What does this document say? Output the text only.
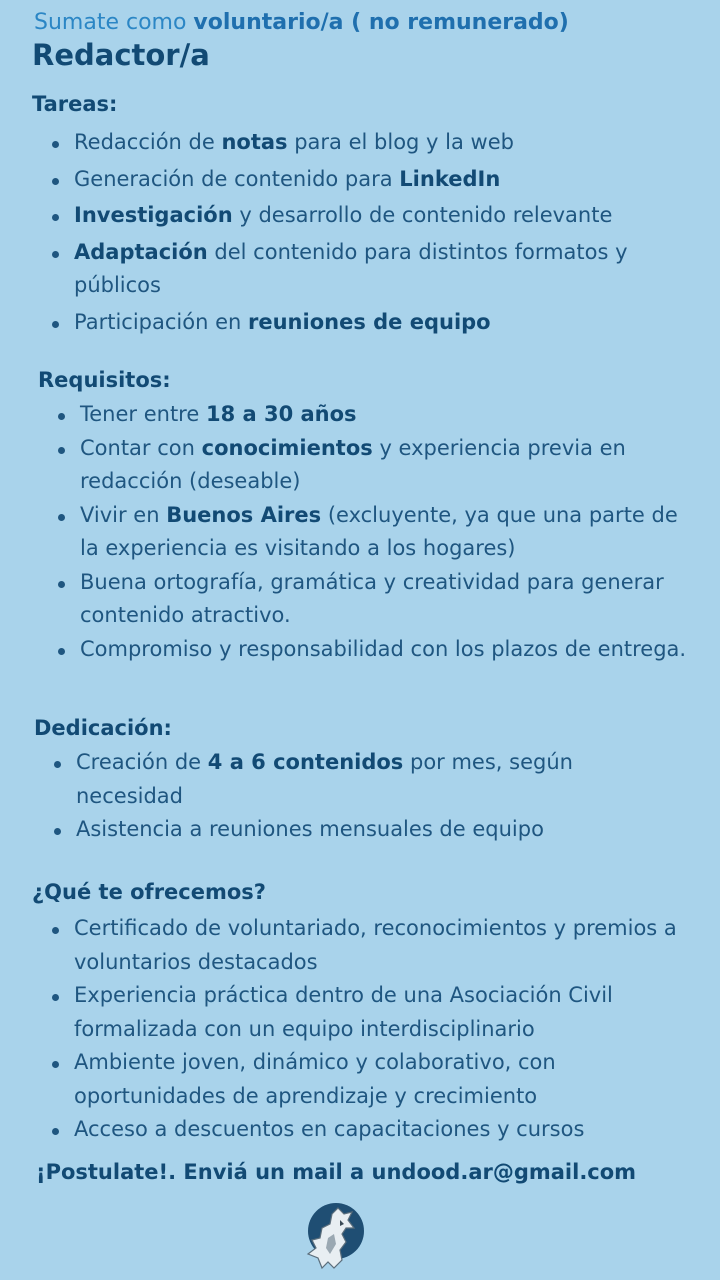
Sumate como voluntario/a ( no remunerado)
Redactor/a
Tareas:
Redacción de notas para el blog y la web
Generación de contenido para LinkedIn
Investigación y desarrollo de contenido relevante
Adaptación del contenido para distintos formatos y públicos
Participación en reuniones de equipo
Requisitos:
Tener entre 18 a 30 años
Contar con conocimientos y experiencia previa en redacción (deseable)
Vivir en Buenos Aires (excluyente, ya que una parte de la experiencia es visitando a los hogares)
Buena ortografía, gramática y creatividad para generar contenido atractivo.
Compromiso y responsabilidad con los plazos de entrega.
Dedicación:
Creación de 4 a 6 contenidos por mes, según necesidad
Asistencia a reuniones mensuales de equipo
¿Qué te ofrecemos?
Certificado de voluntariado, reconocimientos y premios a voluntarios destacados
Experiencia práctica dentro de una Asociación Civil formalizada con un equipo interdisciplinario
Ambiente joven, dinámico y colaborativo, con oportunidades de aprendizaje y crecimiento
Acceso a descuentos en capacitaciones y cursos
¡Postulate!. Enviá un mail a undood.ar@gmail.com
